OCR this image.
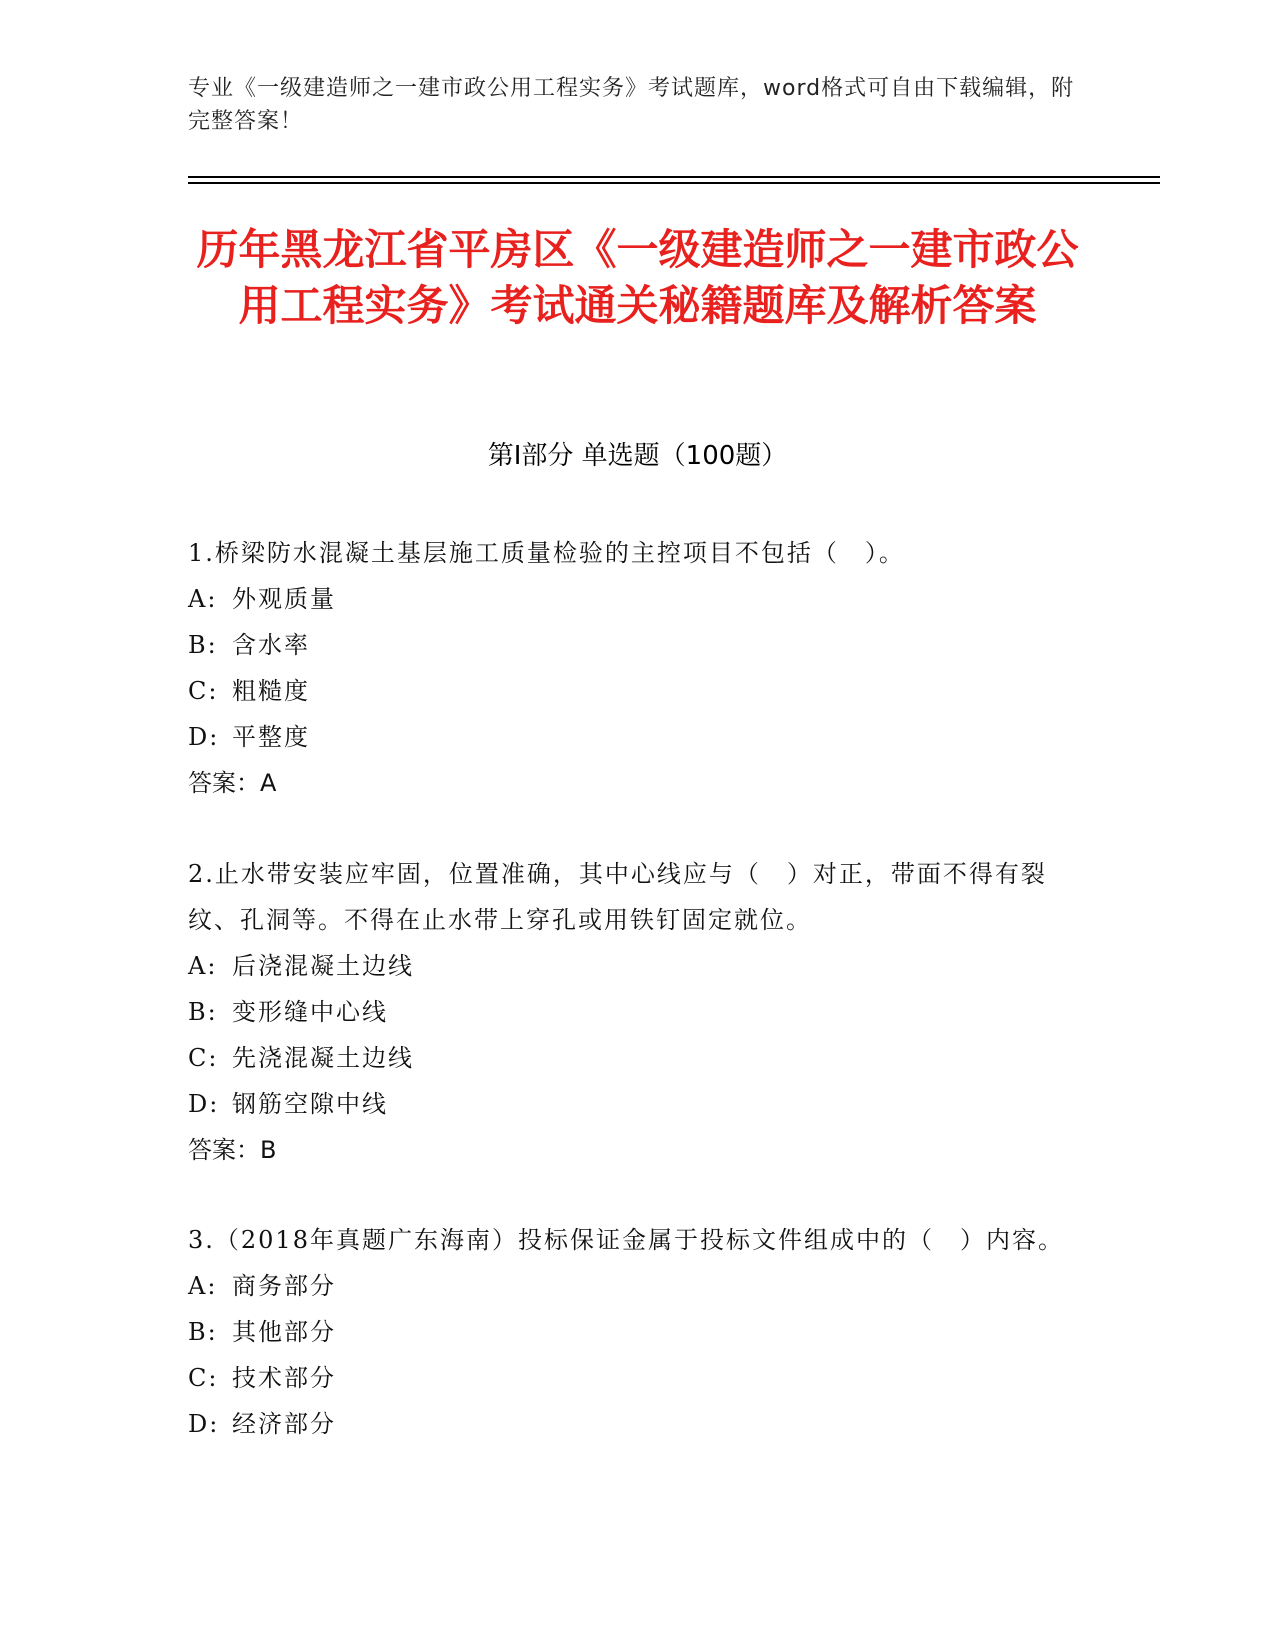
专业《一级建造师之一建市政公用工程实务》考试题库，word格式可自由下载编辑，附完整答案！
历年黑龙江省平房区《一级建造师之一建市政公用工程实务》考试通关秘籍题库及解析答案
第Ⅰ部分 单选题（100题）

1.桥梁防水混凝土基层施工质量检验的主控项目不包括（　）。

A: 外观质量

B: 含水率

C: 粗糙度

D: 平整度

答案：A

2.止水带安装应牢固，位置准确，其中心线应与（　）对正，带面不得有裂纹、孔洞等。不得在止水带上穿孔或用铁钉固定就位。

A: 后浇混凝土边线

B: 变形缝中心线

C: 先浇混凝土边线

D: 钢筋空隙中线

答案：B

3.（2018年真题广东海南）投标保证金属于投标文件组成中的（　）内容。

A: 商务部分

B: 其他部分

C: 技术部分

D: 经济部分
